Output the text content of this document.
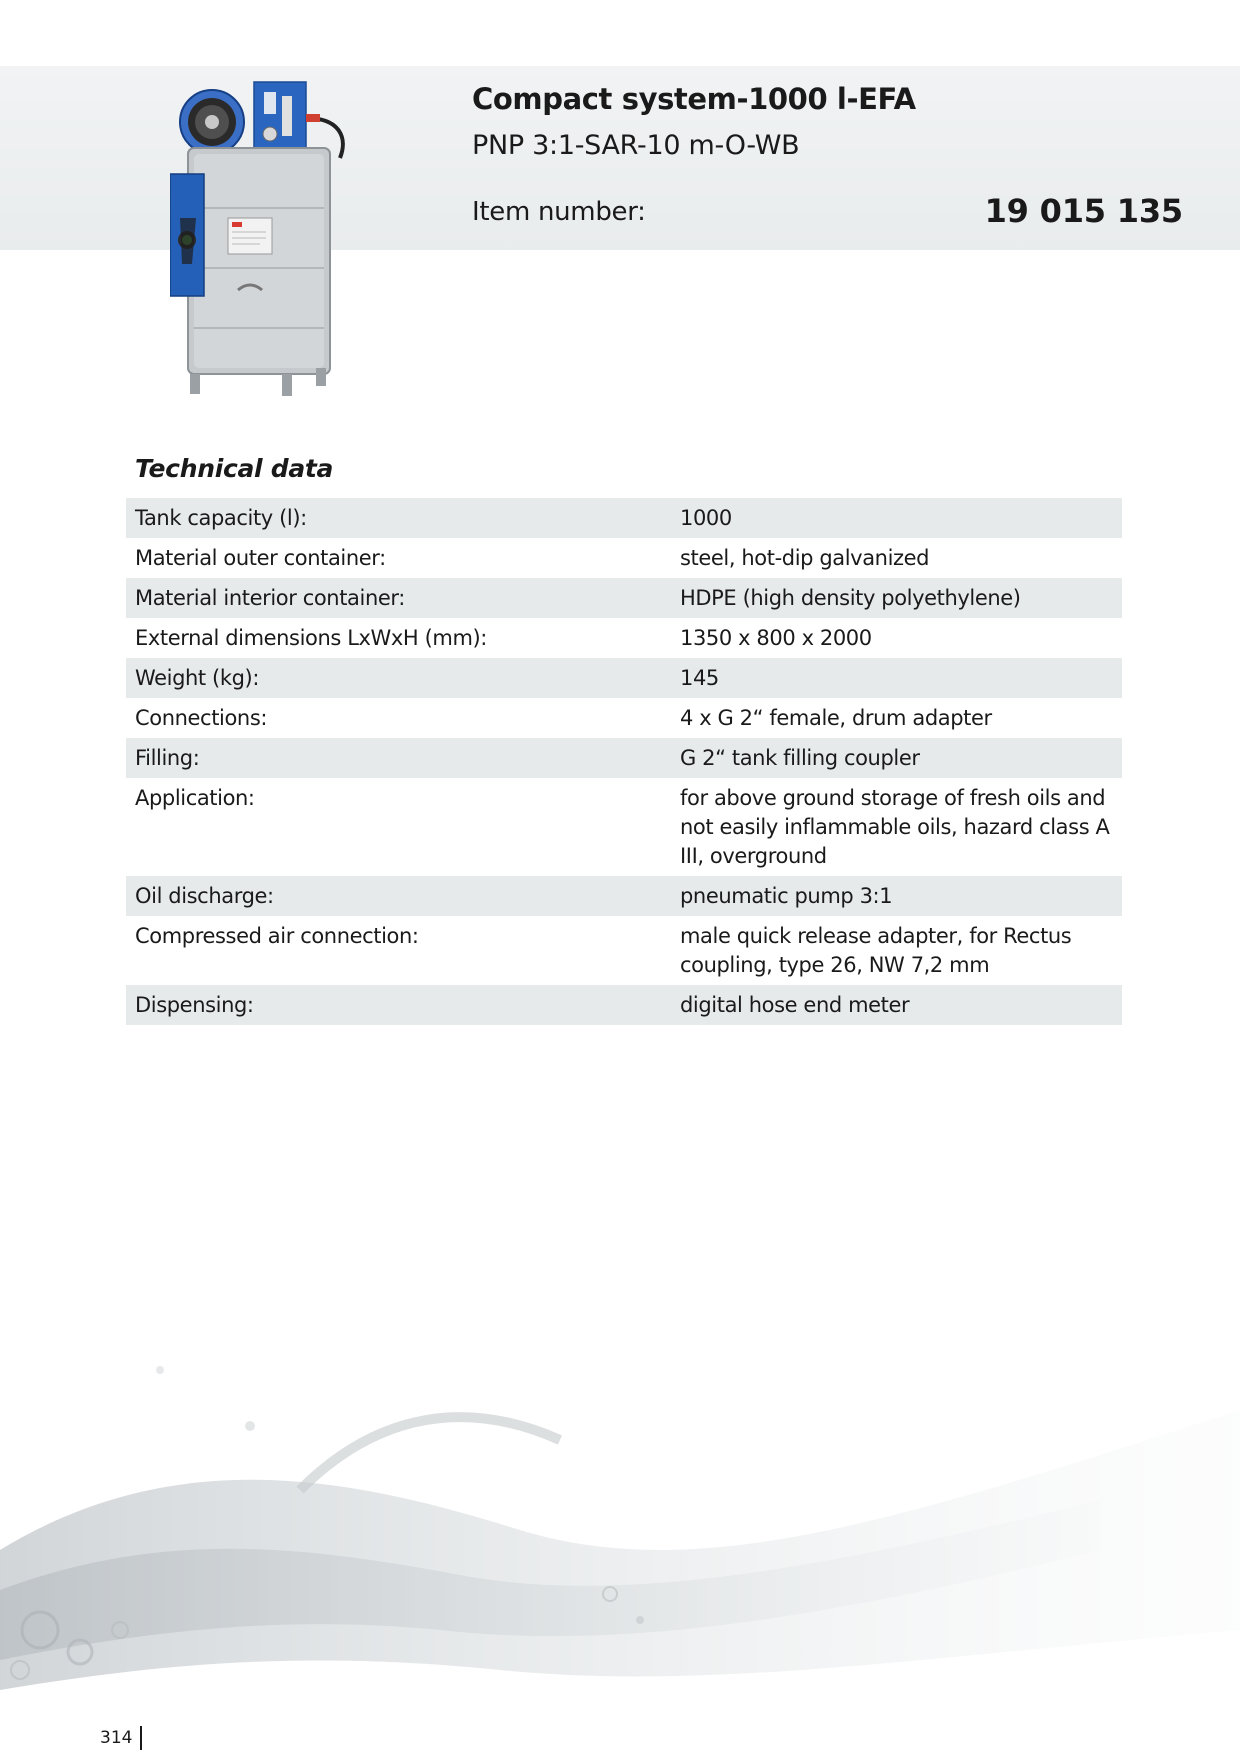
Compact system-1000 l-EFA
PNP 3:1-SAR-10 m-O-WB
Item number:	19 015 135
Technical data
Tank capacity (l):	1000
Material outer container:	steel, hot-dip galvanized
Material interior container:	HDPE (high density polyethylene)
External dimensions LxWxH (mm):	1350 x 800 x 2000
Weight (kg):	145
Connections:	4 x G 2“ female, drum adapter
Filling:	G 2“ tank filling coupler
Application:	for above ground storage of fresh oils and not easily inflammable oils, hazard class A III, overground
Oil discharge:	pneumatic pump 3:1
Compressed air connection:	male quick release adapter, for Rectus coupling, type 26, NW 7,2 mm
Dispensing:	digital hose end meter
314
